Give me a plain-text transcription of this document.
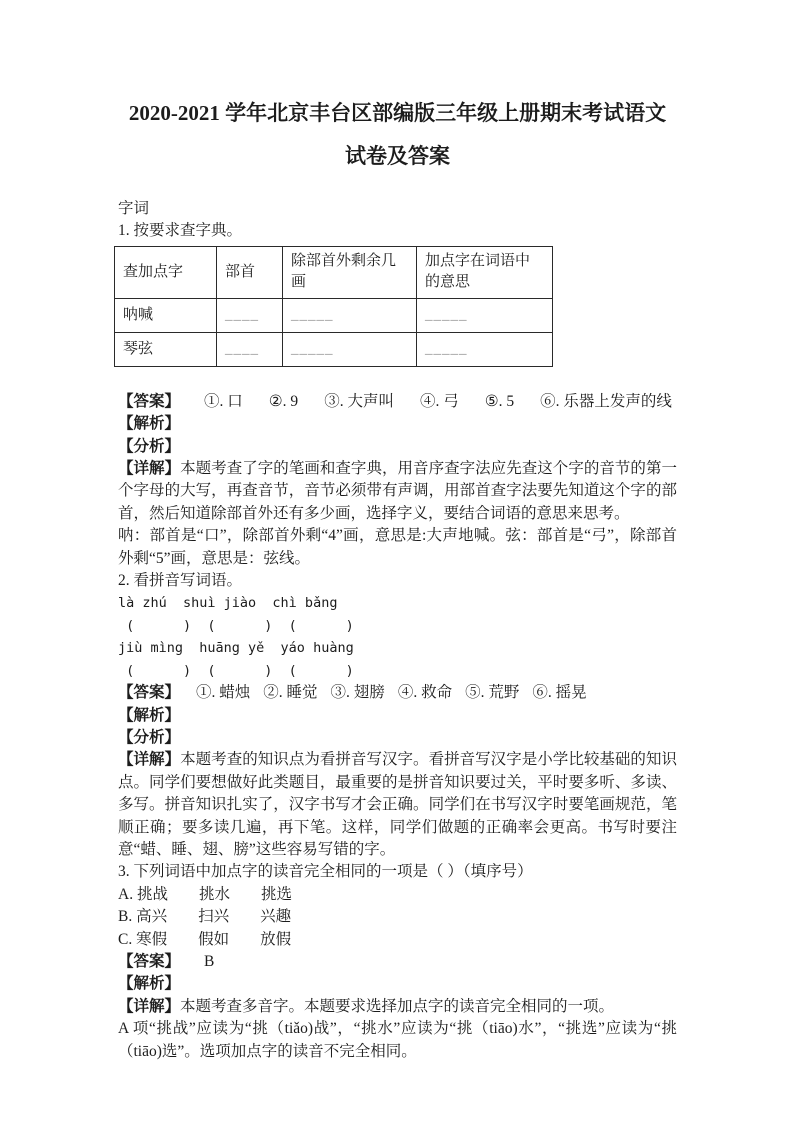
2020-2021 学年北京丰台区部编版三年级上册期末考试语文
试卷及答案
字词
1. 按要求查字典。
查加点字	部首	除部首外剩余几画	加点字在词语中的意思
呐喊	____	_____	_____
琴弦	____	_____	_____
【答案】 ①. 口 ②. 9 ③. 大声叫 ④. 弓 ⑤. 5 ⑥. 乐器上发声的线
【解析】
【分析】
【详解】本题考查了字的笔画和查字典，用音序查字法应先查这个字的音节的第一个字母的大写，再查音节，音节必须带有声调，用部首查字法要先知道这个字的部首，然后知道除部首外还有多少画，选择字义，要结合词语的意思来思考。
呐：部首是“口”，除部首外剩“4”画，意思是:大声地喊。弦：部首是“弓”，除部首外剩“5”画，意思是：弦线。
2. 看拼音写词语。
là zhú  shuì jiào  chì bǎng
(      )  (      )  (      )
jiù mìng  huāng yě  yáo huàng
(      )  (      )  (      )
【答案】 ①. 蜡烛 ②. 睡觉 ③. 翅膀 ④. 救命 ⑤. 荒野 ⑥. 摇晃
【解析】
【分析】
【详解】本题考查的知识点为看拼音写汉字。看拼音写汉字是小学比较基础的知识点。同学们要想做好此类题目，最重要的是拼音知识要过关，平时要多听、多读、多写。拼音知识扎实了，汉字书写才会正确。同学们在书写汉字时要笔画规范，笔顺正确；要多读几遍，再下笔。这样，同学们做题的正确率会更高。书写时要注意“蜡、睡、翅、膀”这些容易写错的字。
3. 下列词语中加点字的读音完全相同的一项是（ ）（填序号）
A. 挑战　　挑水　　挑选
B. 高兴　　扫兴　　兴趣
C. 寒假　　假如　　放假
【答案】 B
【解析】
【详解】本题考查多音字。本题要求选择加点字的读音完全相同的一项。
A 项“挑战”应读为“挑（tiǎo)战”，“挑水”应读为“挑（tiāo)水”，“挑选”应读为“挑（tiāo)选”。选项加点字的读音不完全相同。
